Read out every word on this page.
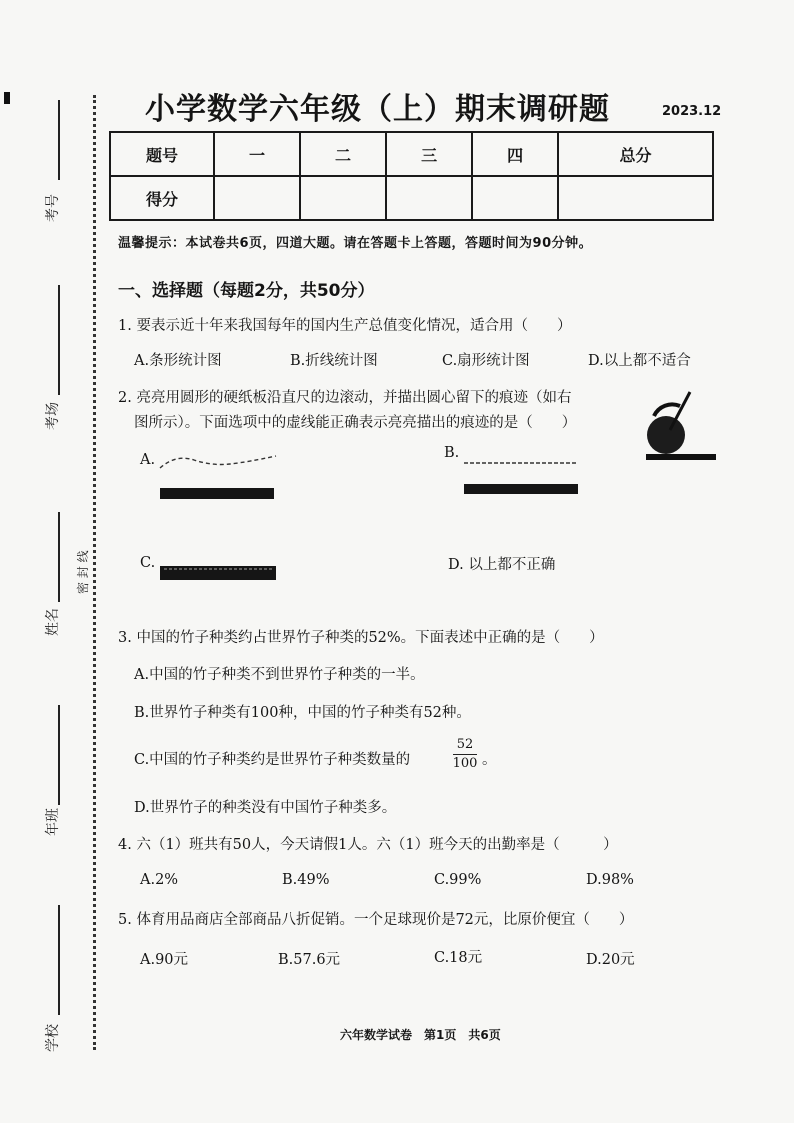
考号
考场
姓名
年班
学校
密 封 线
小学数学六年级（上）期末调研题	2023.12
题号	一	二	三	四	总分
得分					
温馨提示：本试卷共6页，四道大题。请在答题卡上答题，答题时间为90分钟。
一、选择题（每题2分，共50分）
1. 要表示近十年来我国每年的国内生产总值变化情况，适合用（　　）
A.条形统计图	B.折线统计图	C.扇形统计图	D.以上都不适合
2. 亮亮用圆形的硬纸板沿直尺的边滚动，并描出圆心留下的痕迹（如右
图所示）。下面选项中的虚线能正确表示亮亮描出的痕迹的是（　　）
A.	B.
C.	D. 以上都不正确
3. 中国的竹子种类约占世界竹子种类的52%。下面表述中正确的是（　　）
A.中国的竹子种类不到世界竹子种类的一半。
B.世界竹子种类有100种，中国的竹子种类有52种。
C.中国的竹子种类约是世界竹子种类数量的
52
100 。
D.世界竹子的种类没有中国竹子种类多。
4. 六（1）班共有50人，今天请假1人。六（1）班今天的出勤率是（　　　）
A.2%	B.49%	C.99%	D.98%
5. 体育用品商店全部商品八折促销。一个足球现价是72元，比原价便宜（　　）
A.90元	B.57.6元	C.18元	D.20元
六年数学试卷　第1页　共6页
